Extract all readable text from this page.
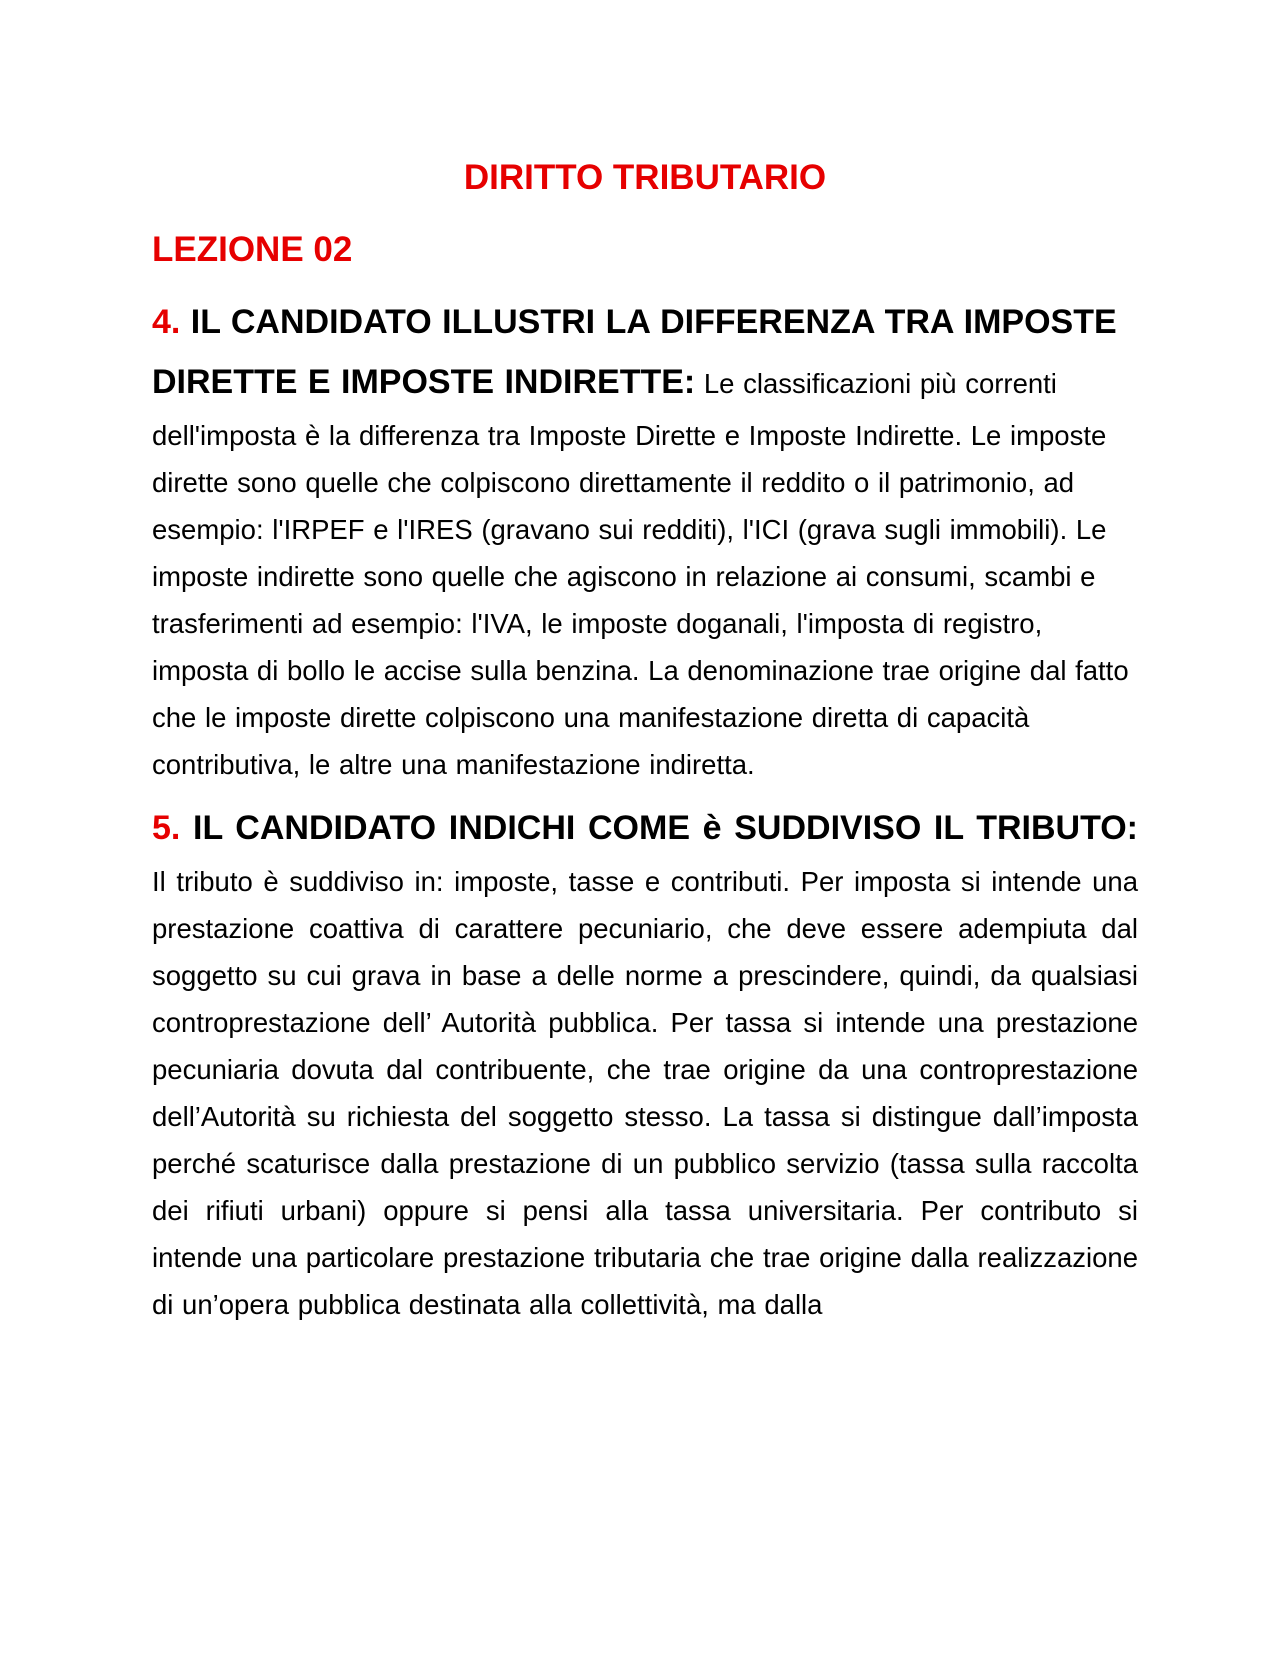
DIRITTO TRIBUTARIO
LEZIONE 02

4. IL CANDIDATO ILLUSTRI LA DIFFERENZA TRA IMPOSTE DIRETTE E IMPOSTE INDIRETTE: Le classificazioni più correnti dell'imposta è la differenza tra Imposte Dirette e Imposte Indirette. Le imposte dirette sono quelle che colpiscono direttamente il reddito o il patrimonio, ad esempio: l'IRPEF e l'IRES (gravano sui redditi), l'ICI (grava sugli immobili). Le imposte indirette sono quelle che agiscono in relazione ai consumi, scambi e trasferimenti ad esempio: l'IVA, le imposte doganali, l'imposta di registro, imposta di bollo le accise sulla benzina. La denominazione trae origine dal fatto che le imposte dirette colpiscono una manifestazione diretta di capacità contributiva, le altre una manifestazione indiretta.

5. IL CANDIDATO INDICHI COME è SUDDIVISO IL TRIBUTO: Il tributo è suddiviso in: imposte, tasse e contributi. Per imposta si intende una prestazione coattiva di carattere pecuniario, che deve essere adempiuta dal soggetto su cui grava in base a delle norme a prescindere, quindi, da qualsiasi controprestazione dell’ Autorità pubblica. Per tassa si intende una prestazione pecuniaria dovuta dal contribuente, che trae origine da una controprestazione dell’Autorità su richiesta del soggetto stesso. La tassa si distingue dall’imposta perché scaturisce dalla prestazione di un pubblico servizio (tassa sulla raccolta dei rifiuti urbani) oppure si pensi alla tassa universitaria. Per contributo si intende una particolare prestazione tributaria che trae origine dalla realizzazione di un’opera pubblica destinata alla collettività, ma dalla
